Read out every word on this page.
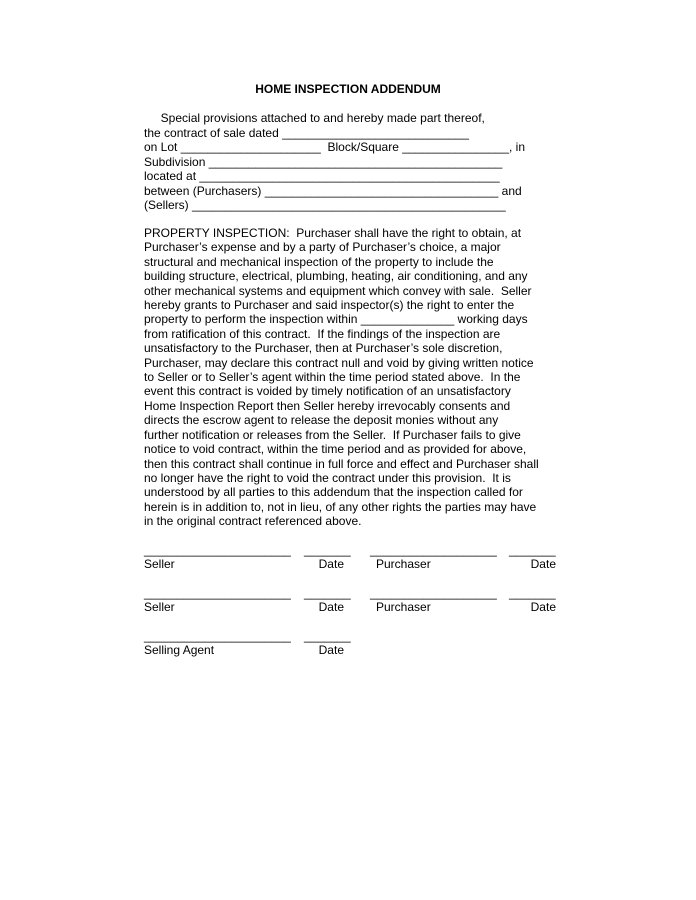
HOME INSPECTION ADDENDUM
Special provisions attached to and hereby made part thereof,
the contract of sale dated ____________________________
on Lot _____________________  Block/Square ________________, in
Subdivision ____________________________________________
located at _____________________________________________
between (Purchasers) ___________________________________ and
(Sellers) _______________________________________________
PROPERTY INSPECTION:  Purchaser shall have the right to obtain, at
Purchaser’s expense and by a party of Purchaser’s choice, a major
structural and mechanical inspection of the property to include the
building structure, electrical, plumbing, heating, air conditioning, and any
other mechanical systems and equipment which convey with sale.  Seller
hereby grants to Purchaser and said inspector(s) the right to enter the
property to perform the inspection within ______________ working days
from ratification of this contract.  If the findings of the inspection are
unsatisfactory to the Purchaser, then at Purchaser’s sole discretion,
Purchaser, may declare this contract null and void by giving written notice
to Seller or to Seller’s agent within the time period stated above.  In the
event this contract is voided by timely notification of an unsatisfactory
Home Inspection Report then Seller hereby irrevocably consents and
directs the escrow agent to release the deposit monies without any
further notification or releases from the Seller.  If Purchaser fails to give
notice to void contract, within the time period and as provided for above,
then this contract shall continue in full force and effect and Purchaser shall
no longer have the right to void the contract under this provision.  It is
understood by all parties to this addendum that the inspection called for
herein is in addition to, not in lieu, of any other rights the parties may have
in the original contract referenced above.
______________________ _______ ___________________ _______
Seller	Date	Purchaser	Date
______________________ _______ ___________________ _______
Seller	Date	Purchaser	Date
______________________ _______
Selling Agent	Date
